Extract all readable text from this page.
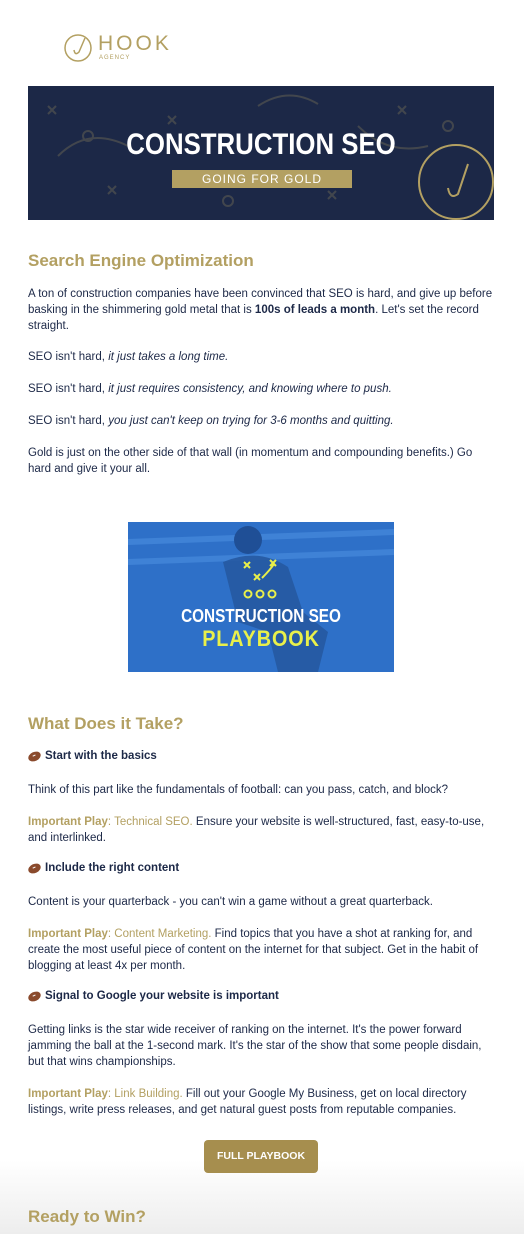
HOOK
AGENCY
CONSTRUCTION SEO
GOING FOR GOLD
Search Engine Optimization

A ton of construction companies have been convinced that SEO is hard, and give up before basking in the shimmering gold metal that is 100s of leads a month. Let's set the record straight.

SEO isn't hard, it just takes a long time.

SEO isn't hard, it just requires consistency, and knowing where to push.

SEO isn't hard, you just can't keep on trying for 3-6 months and quitting.

Gold is just on the other side of that wall (in momentum and compounding benefits.) Go hard and give it your all.

CONSTRUCTION SEO
PLAYBOOK
What Does it Take?
Start with the basics

Think of this part like the fundamentals of football: can you pass, catch, and block?

Important Play: Technical SEO. Ensure your website is well-structured, fast, easy-to-use, and interlinked.

Include the right content

Content is your quarterback - you can't win a game without a great quarterback.

Important Play: Content Marketing. Find topics that you have a shot at ranking for, and create the most useful piece of content on the internet for that subject. Get in the habit of blogging at least 4x per month.

Signal to Google your website is important

Getting links is the star wide receiver of ranking on the internet. It's the power forward jamming the ball at the 1-second mark. It's the star of the show that some people disdain, but that wins championships.

Important Play: Link Building. Fill out your Google My Business, get on local directory listings, write press releases, and get natural guest posts from reputable companies.

FULL PLAYBOOK
Ready to Win?
